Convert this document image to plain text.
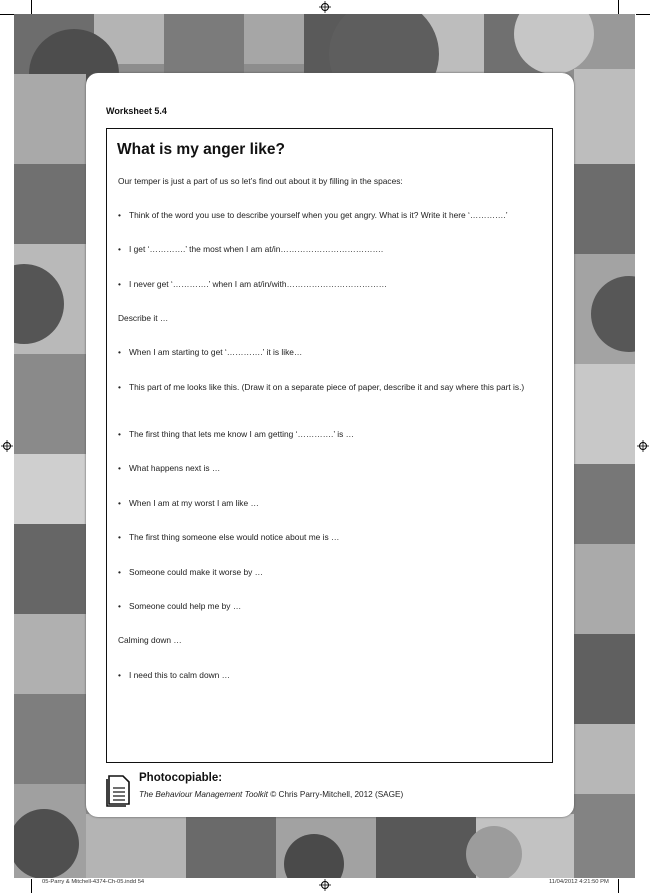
Worksheet 5.4
What is my anger like?
Our temper is just a part of us so let’s find out about it by filling in the spaces:
• Think of the word you use to describe yourself when you get angry. What is it? Write it here ‘………….’
• I get ‘………….’ the most when I am at/in……………………………….
• I never get ‘………….’ when I am at/in/with………………………………
Describe it …
• When I am starting to get ‘………….’ it is like…
• This part of me looks like this. (Draw it on a separate piece of paper, describe it and say where this part is.)
• The first thing that lets me know I am getting ‘………….’ is …
• What happens next is …
• When I am at my worst I am like …
• The first thing someone else would notice about me is …
• Someone could make it worse by …
• Someone could help me by …
Calming down …
• I need this to calm down …
Photocopiable:
The Behaviour Management Toolkit © Chris Parry-Mitchell, 2012 (SAGE)
05-Parry & Mitchell-4374-Ch-05.indd 54	11/04/2012 4:21:50 PM
